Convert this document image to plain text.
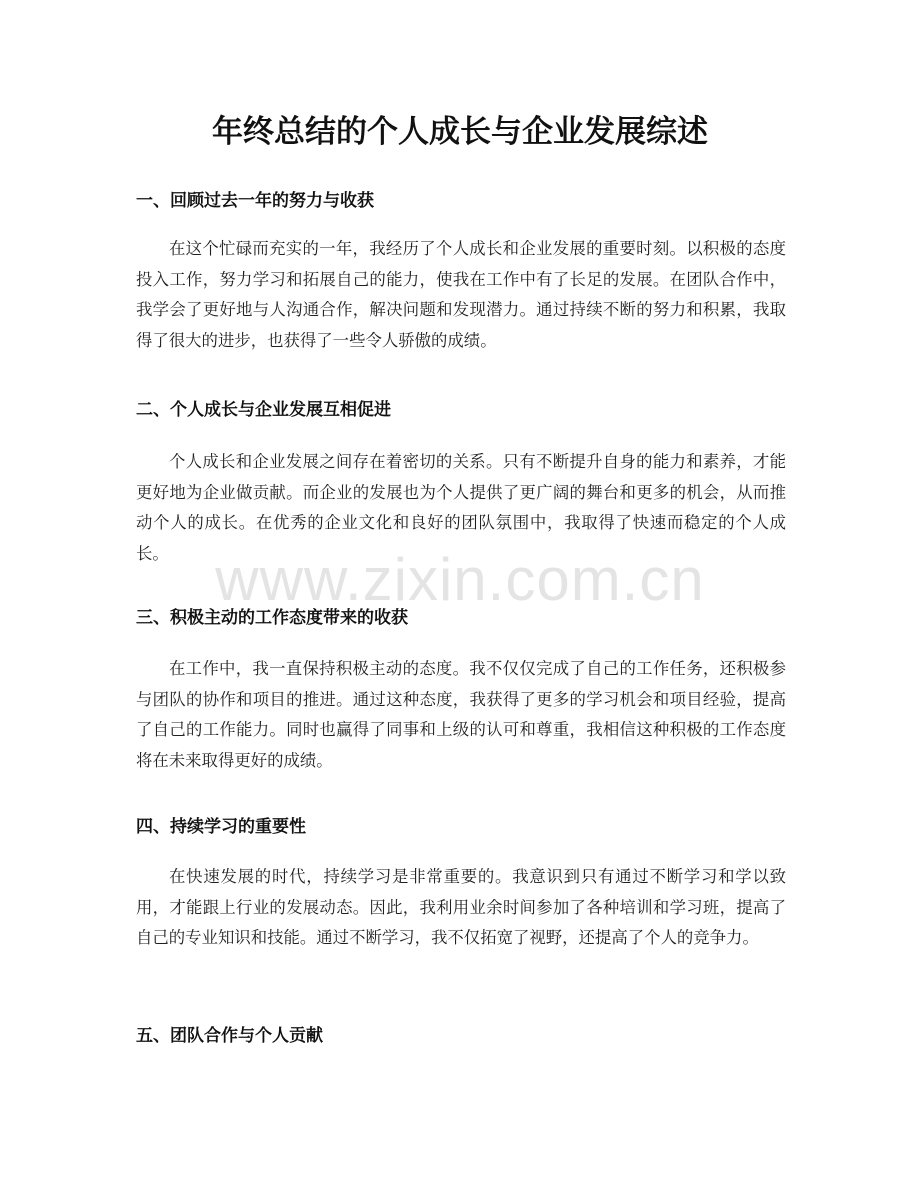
www.zixin.com.cn
年终总结的个人成长与企业发展综述
一、回顾过去一年的努力与收获

在这个忙碌而充实的一年，我经历了个人成长和企业发展的重要时刻。以积极的态度投入工作，努力学习和拓展自己的能力，使我在工作中有了长足的发展。在团队合作中，我学会了更好地与人沟通合作，解决问题和发现潜力。通过持续不断的努力和积累，我取得了很大的进步，也获得了一些令人骄傲的成绩。

二、个人成长与企业发展互相促进

个人成长和企业发展之间存在着密切的关系。只有不断提升自身的能力和素养，才能更好地为企业做贡献。而企业的发展也为个人提供了更广阔的舞台和更多的机会，从而推动个人的成长。在优秀的企业文化和良好的团队氛围中，我取得了快速而稳定的个人成长。

三、积极主动的工作态度带来的收获

在工作中，我一直保持积极主动的态度。我不仅仅完成了自己的工作任务，还积极参与团队的协作和项目的推进。通过这种态度，我获得了更多的学习机会和项目经验，提高了自己的工作能力。同时也赢得了同事和上级的认可和尊重，我相信这种积极的工作态度将在未来取得更好的成绩。

四、持续学习的重要性

在快速发展的时代，持续学习是非常重要的。我意识到只有通过不断学习和学以致用，才能跟上行业的发展动态。因此，我利用业余时间参加了各种培训和学习班，提高了自己的专业知识和技能。通过不断学习，我不仅拓宽了视野，还提高了个人的竞争力。

五、团队合作与个人贡献
